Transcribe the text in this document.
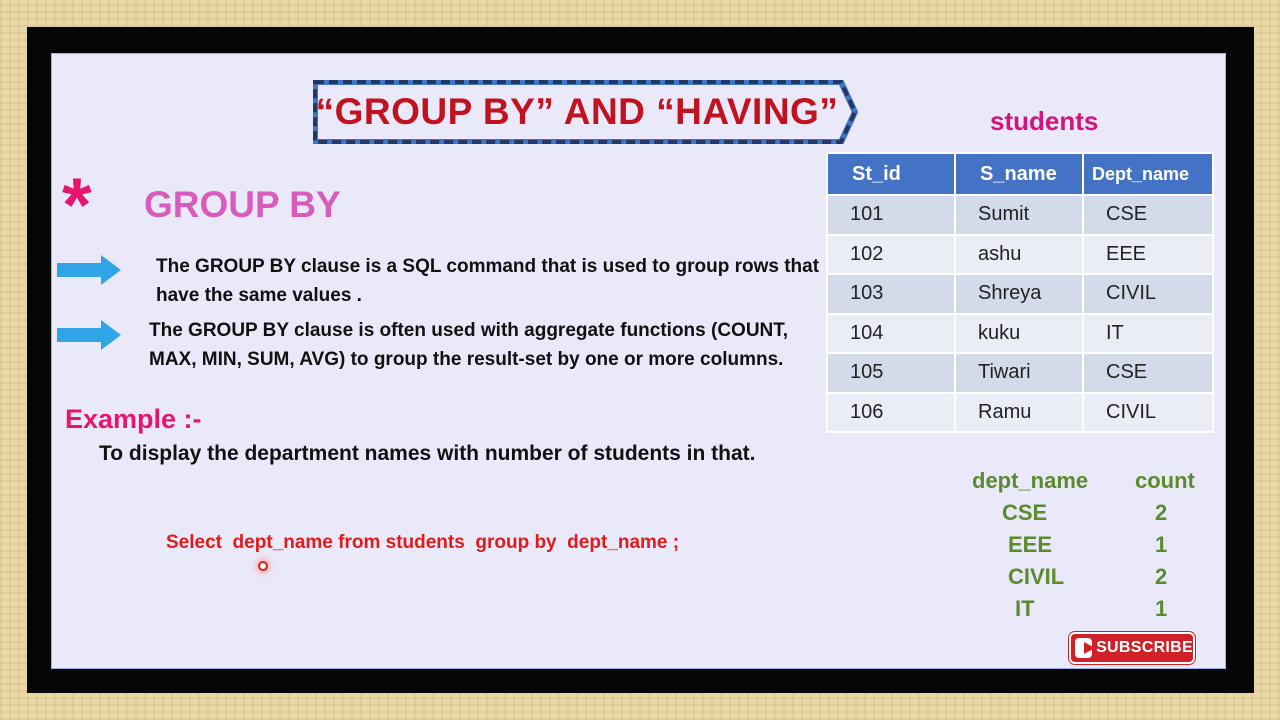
“GROUP BY” AND “HAVING”
* GROUP BY
The GROUP BY clause is a SQL command that is used to group rows that have the same values .
The GROUP BY clause is often used with aggregate functions (COUNT, MAX, MIN, SUM, AVG) to group the result-set by one or more columns.
Example :-
To display the department names with number of students in that.
Select  dept_name from students  group by  dept_name ;
students
St_id	S_name	Dept_name
101	Sumit	CSE
102	ashu	EEE
103	Shreya	CIVIL
104	kuku	IT
105	Tiwari	CSE
106	Ramu	CIVIL
dept_name count
CSE	2
EEE	1
CIVIL	2
IT	1
SUBSCRIBE
